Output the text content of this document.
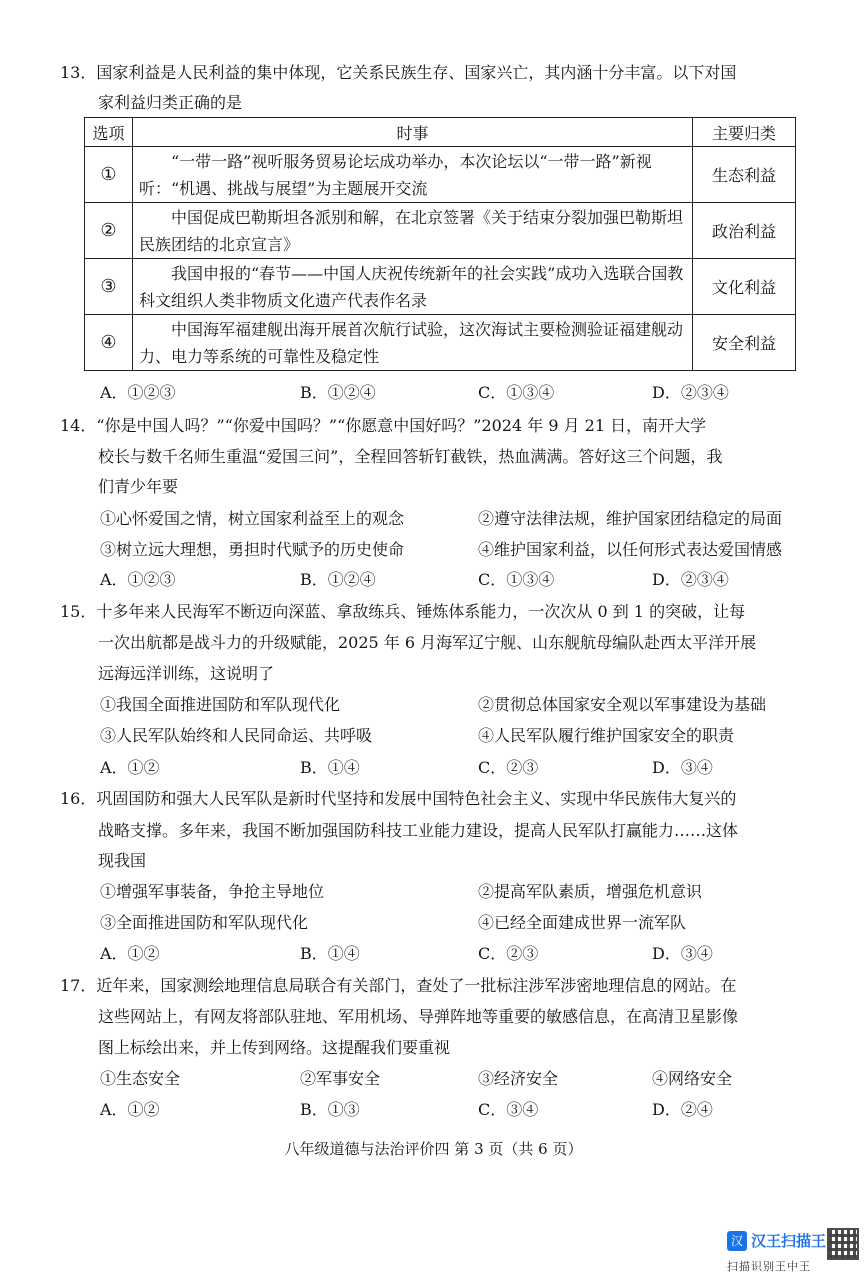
13．国家利益是人民利益的集中体现，它关系民族生存、国家兴亡，其内涵十分丰富。以下对国
家利益归类正确的是
选项	时事	主要归类
①	“一带一路”视听服务贸易论坛成功举办，本次论坛以“一带一路”新视听：“机遇、挑战与展望”为主题展开交流	生态利益
②	中国促成巴勒斯坦各派别和解，在北京签署《关于结束分裂加强巴勒斯坦民族团结的北京宣言》	政治利益
③	我国申报的“春节——中国人庆祝传统新年的社会实践”成功入选联合国教科文组织人类非物质文化遗产代表作名录	文化利益
④	中国海军福建舰出海开展首次航行试验，这次海试主要检测验证福建舰动力、电力等系统的可靠性及稳定性	安全利益
A．①②③	B．①②④	C．①③④	D．②③④
14．“你是中国人吗？”“你爱中国吗？”“你愿意中国好吗？”2024 年 9 月 21 日，南开大学
校长与数千名师生重温“爱国三问”，全程回答斩钉截铁，热血满满。答好这三个问题，我
们青少年要
①心怀爱国之情，树立国家利益至上的观念	②遵守法律法规，维护国家团结稳定的局面
③树立远大理想，勇担时代赋予的历史使命	④维护国家利益，以任何形式表达爱国情感
A．①②③	B．①②④	C．①③④	D．②③④
15．十多年来人民海军不断迈向深蓝、拿敌练兵、锤炼体系能力，一次次从 0 到 1 的突破，让每
一次出航都是战斗力的升级赋能，2025 年 6 月海军辽宁舰、山东舰航母编队赴西太平洋开展
远海远洋训练，这说明了
①我国全面推进国防和军队现代化	②贯彻总体国家安全观以军事建设为基础
③人民军队始终和人民同命运、共呼吸	④人民军队履行维护国家安全的职责
A．①②	B．①④	C．②③	D．③④
16．巩固国防和强大人民军队是新时代坚持和发展中国特色社会主义、实现中华民族伟大复兴的
战略支撑。多年来，我国不断加强国防科技工业能力建设，提高人民军队打赢能力……这体
现我国
①增强军事装备，争抢主导地位	②提高军队素质，增强危机意识
③全面推进国防和军队现代化	④已经全面建成世界一流军队
A．①②	B．①④	C．②③	D．③④
17．近年来，国家测绘地理信息局联合有关部门，查处了一批标注涉军涉密地理信息的网站。在
这些网站上，有网友将部队驻地、军用机场、导弹阵地等重要的敏感信息，在高清卫星影像
图上标绘出来，并上传到网络。这提醒我们要重视
①生态安全	②军事安全	③经济安全	④网络安全
A．①②	B．①③	C．③④	D．②④
八年级道德与法治评价四 第 3 页（共 6 页）
汉 汉王扫描王
扫描识别王中王
